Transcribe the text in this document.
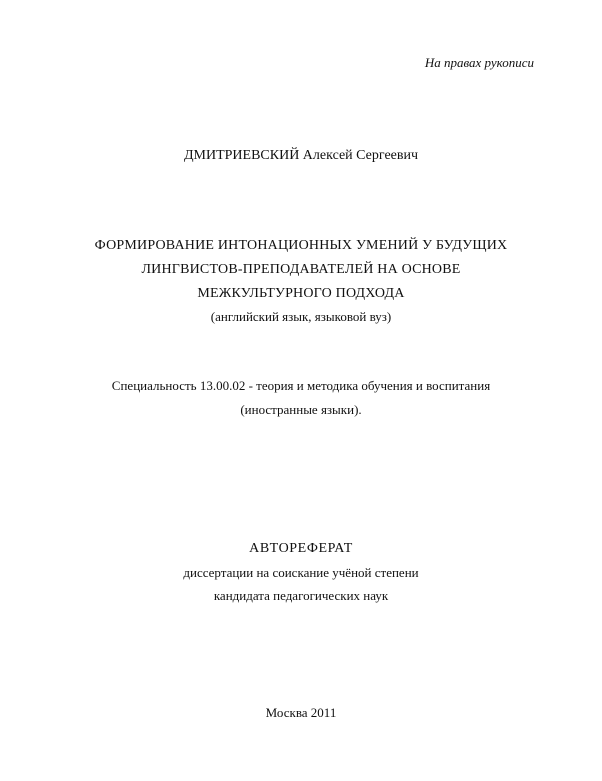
На правах рукописи
ДМИТРИЕВСКИЙ Алексей Сергеевич
ФОРМИРОВАНИЕ ИНТОНАЦИОННЫХ УМЕНИЙ У БУДУЩИХ
ЛИНГВИСТОВ-ПРЕПОДАВАТЕЛЕЙ НА ОСНОВЕ
МЕЖКУЛЬТУРНОГО ПОДХОДА
(английский язык, языковой вуз)
Специальность 13.00.02 - теория и методика обучения и воспитания
(иностранные языки).
АВТОРЕФЕРАТ
диссертации на соискание учёной степени
кандидата педагогических наук
Москва 2011
